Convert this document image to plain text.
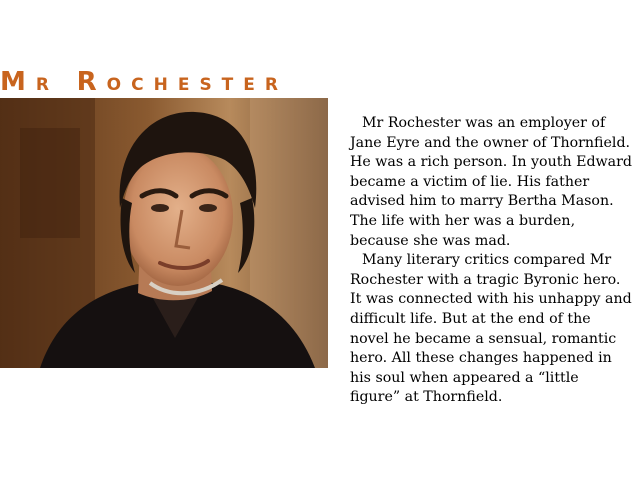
MR ROCHESTER

Mr Rochester was an employer of Jane Eyre and the owner of Thornfield. He was a rich person. In youth Edward became a victim of lie. His father advised him to marry Bertha Mason. The life with her was a burden, because she was mad.

Many literary critics compared Mr Rochester with a tragic Byronic hero. It was connected with his unhappy and difficult life. But at the end of the novel he became a sensual, romantic hero. All these changes happened in his soul when appeared a “little figure” at Thornfield.
